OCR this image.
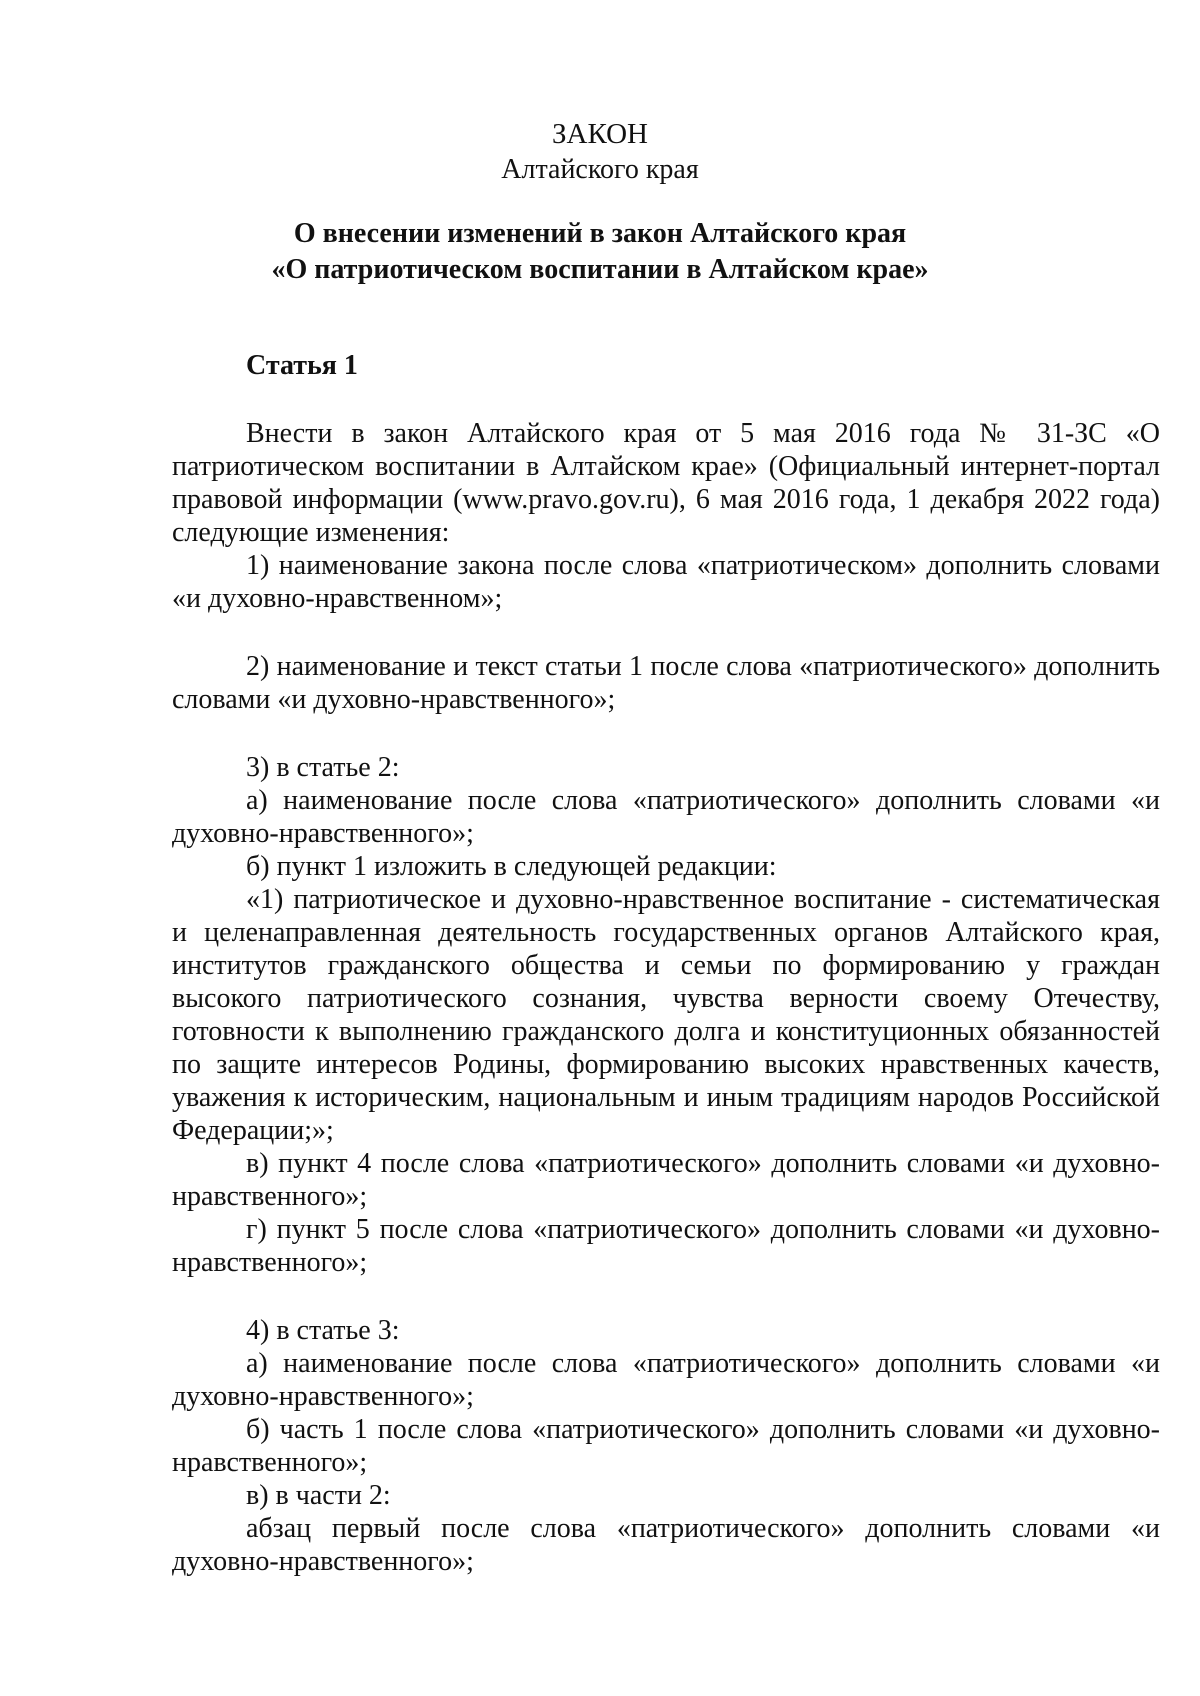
ЗАКОН
Алтайского края
О внесении изменений в закон Алтайского края
«О патриотическом воспитании в Алтайском крае»
Статья 1

Внести в закон Алтайского края от 5 мая 2016 года № 31-ЗС «О патриотическом воспитании в Алтайском крае» (Официальный интернет-портал правовой информации (www.pravo.gov.ru), 6 мая 2016 года, 1 декабря 2022 года) следующие изменения:

1) наименование закона после слова «патриотическом» дополнить словами «и духовно-нравственном»;

2) наименование и текст статьи 1 после слова «патриотического» дополнить словами «и духовно-нравственного»;

3) в статье 2:

а) наименование после слова «патриотического» дополнить словами «и духовно-нравственного»;

б) пункт 1 изложить в следующей редакции:

«1) патриотическое и духовно-нравственное воспитание - систематическая и целенаправленная деятельность государственных органов Алтайского края, институтов гражданского общества и семьи по формированию у граждан высокого патриотического сознания, чувства верности своему Отечеству, готовности к выполнению гражданского долга и конституционных обязанностей по защите интересов Родины, формированию высоких нравственных качеств, уважения к историческим, национальным и иным традициям народов Российской Федерации;»;

в) пункт 4 после слова «патриотического» дополнить словами «и духовно-нравственного»;

г) пункт 5 после слова «патриотического» дополнить словами «и духовно-нравственного»;

4) в статье 3:

а) наименование после слова «патриотического» дополнить словами «и духовно-нравственного»;

б) часть 1 после слова «патриотического» дополнить словами «и духовно-нравственного»;

в) в части 2:

абзац первый после слова «патриотического» дополнить словами «и духовно-нравственного»;
